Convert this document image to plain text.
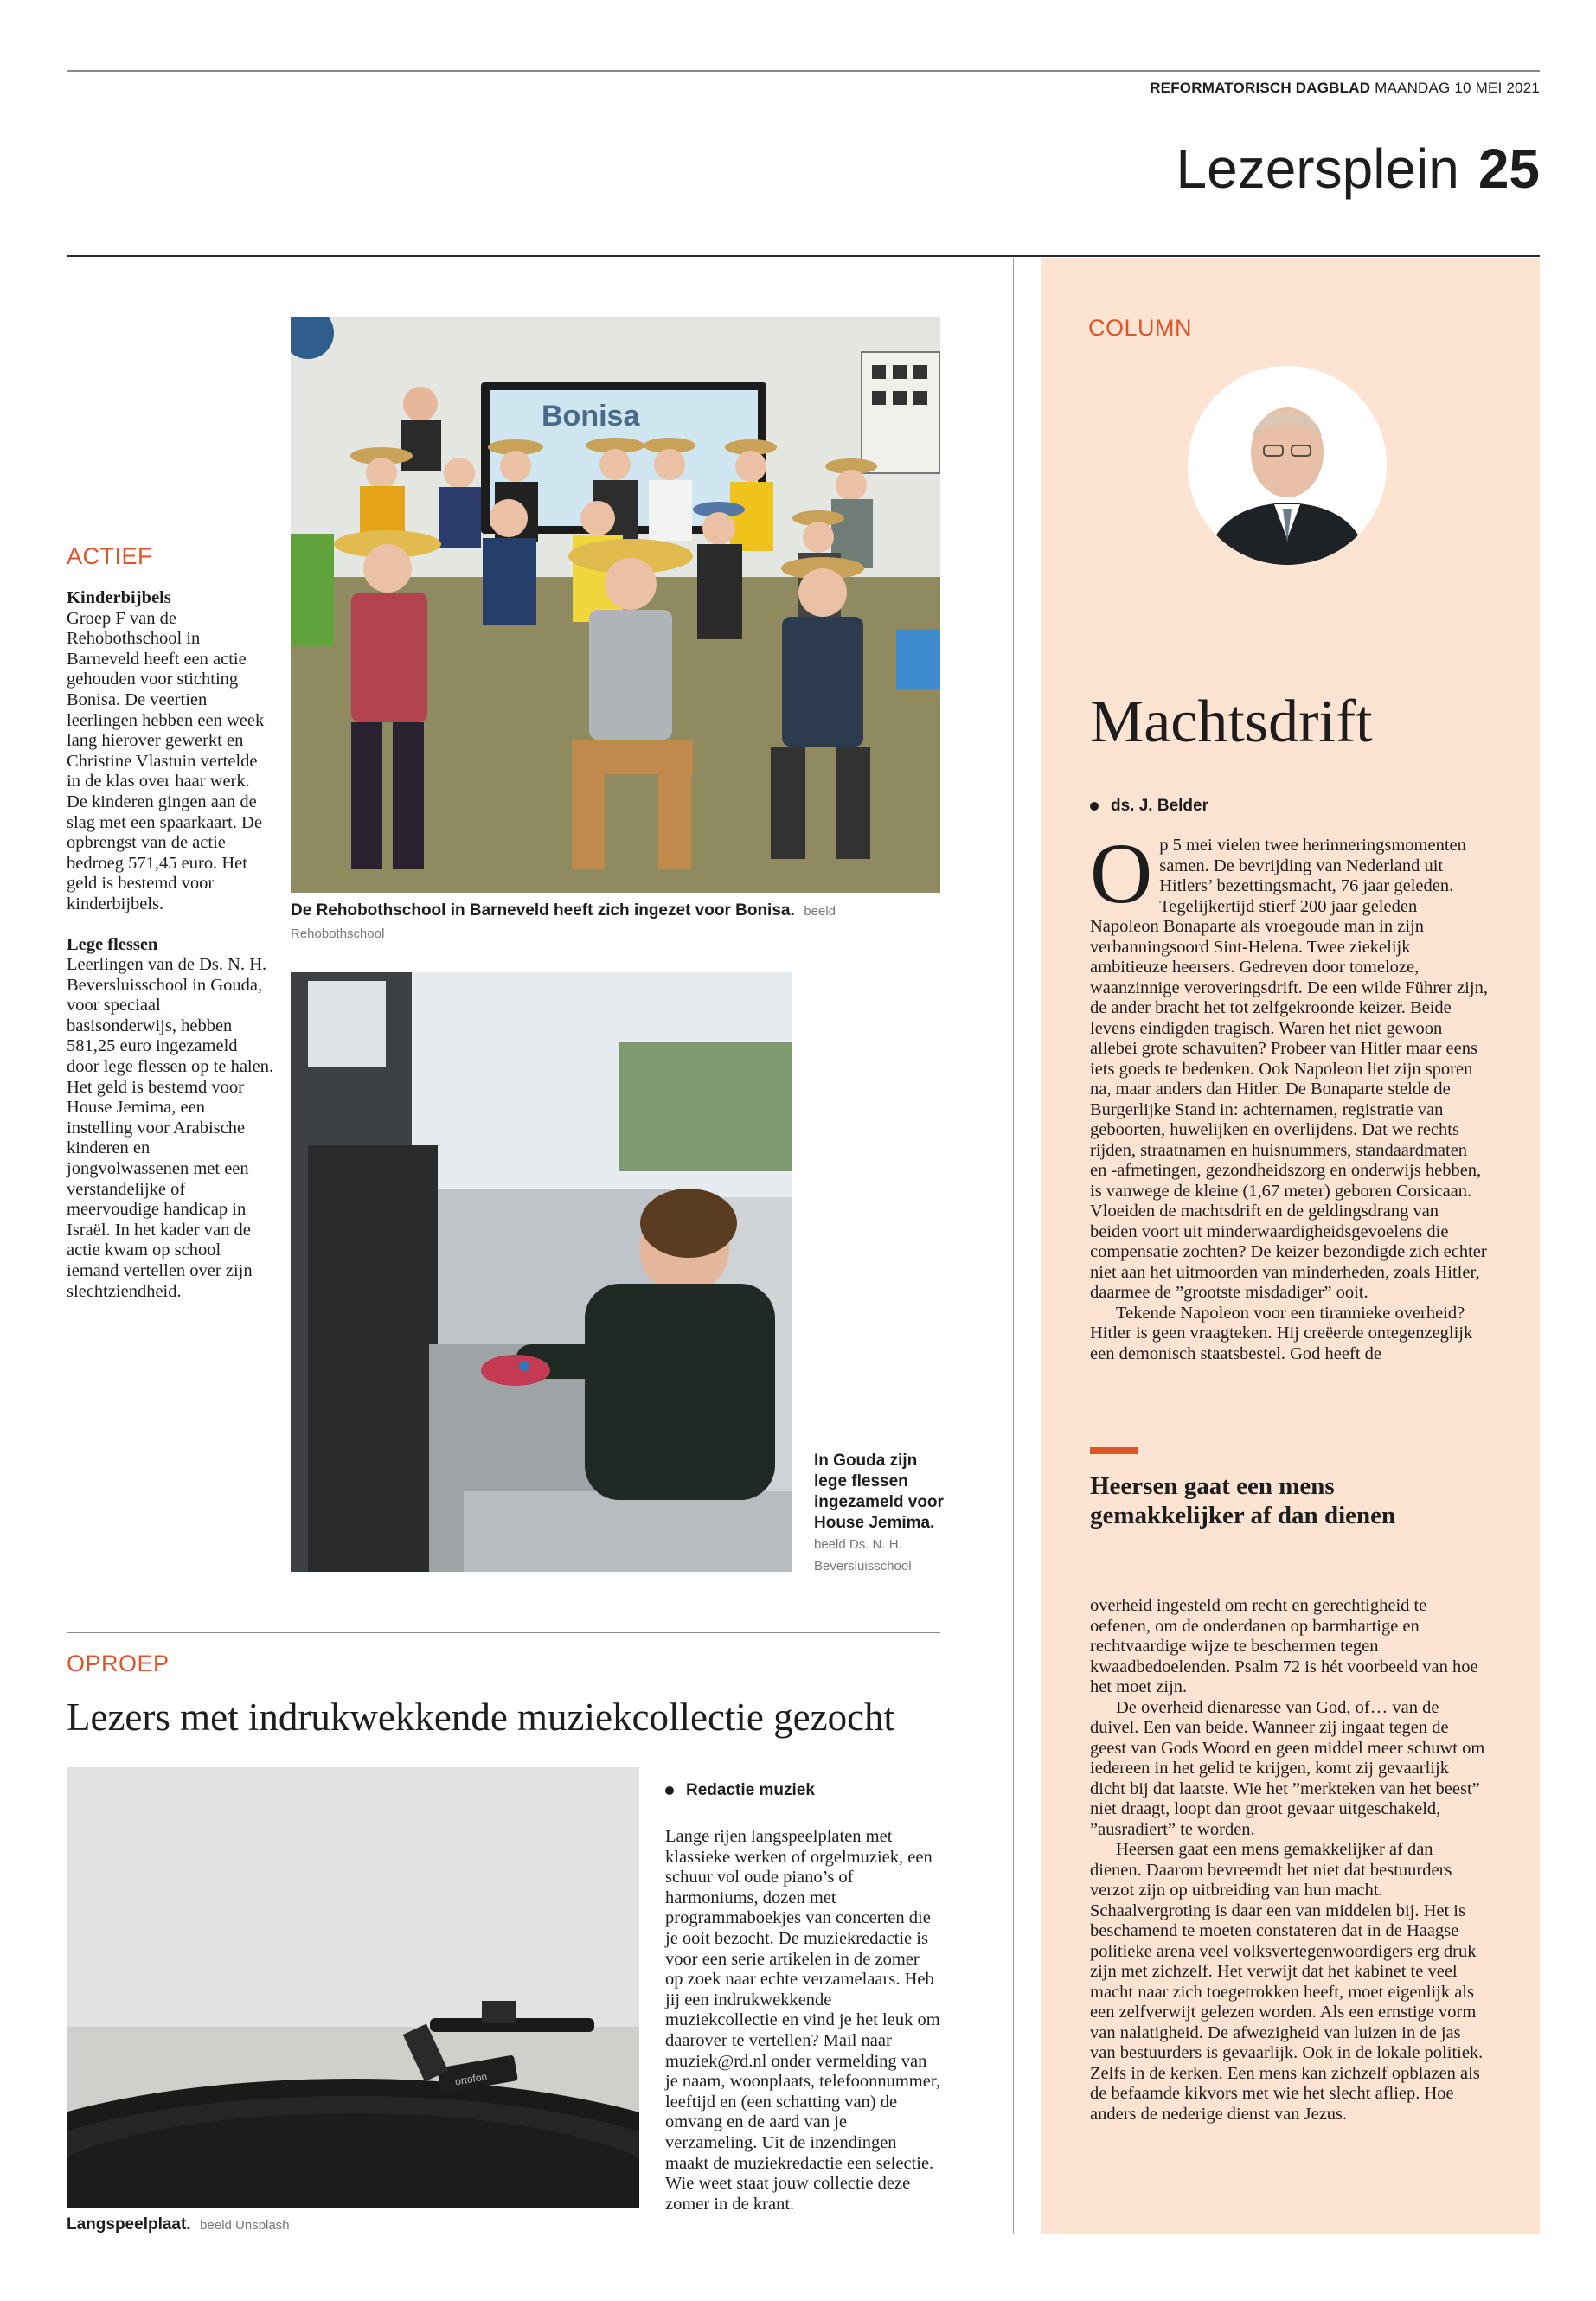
REFORMATORISCH DAGBLAD MAANDAG 10 MEI 2021
Lezersplein 25
ACTIEF
Kinderbijbels

Groep F van de Rehobothschool in Barneveld heeft een actie gehouden voor stichting Bonisa. De veertien leerlingen hebben een week lang hierover gewerkt en Christine Vlastuin vertelde in de klas over haar werk. De kinderen gingen aan de slag met een spaarkaart. De opbrengst van de actie bedroeg 571,45 euro. Het geld is bestemd voor kinderbijbels.

Lege flessen

Leerlingen van de Ds. N. H. Beversluisschool in Gouda, voor speciaal basisonderwijs, hebben 581,25 euro ingezameld door lege flessen op te halen. Het geld is bestemd voor House Jemima, een instelling voor Arabische kinderen en jongvolwassenen met een verstandelijke of meervoudige handicap in Israël. In het kader van de actie kwam op school iemand vertellen over zijn slechtziendheid.

Bonisa
De Rehobothschool in Barneveld heeft zich ingezet voor Bonisa. beeld Rehobothschool
In Gouda zijn lege flessen ingezameld voor House Jemima. beeld Ds. N. H. Beversluisschool
OPROEP
Lezers met indrukwekkende muziekcollectie gezocht
ortofon
Langspeelplaat. beeld Unsplash
Redactie muziek

Lange rijen langspeelplaten met klassieke werken of orgelmuziek, een schuur vol oude piano’s of harmoniums, dozen met programmaboekjes van concerten die je ooit bezocht. De muziekredactie is voor een serie artikelen in de zomer op zoek naar echte verzamelaars. Heb jij een indrukwekkende muziekcollectie en vind je het leuk om daarover te vertellen? Mail naar muziek@rd.nl onder vermelding van je naam, woonplaats, telefoonnummer, leeftijd en (een schatting van) de omvang en de aard van je verzameling. Uit de inzendingen maakt de muziekredactie een selectie. Wie weet staat jouw collectie deze zomer in de krant.

COLUMN
Machtsdrift
ds. J. Belder

Op 5 mei vielen twee herinneringsmomenten samen. De bevrijding van Nederland uit Hitlers’ bezettingsmacht, 76 jaar geleden. Tegelijkertijd stierf 200 jaar geleden Napoleon Bonaparte als vroegoude man in zijn verbanningsoord Sint-Helena. Twee ziekelijk ambitieuze heersers. Gedreven door tomeloze, waanzinnige veroveringsdrift. De een wilde Führer zijn, de ander bracht het tot zelfgekroonde keizer. Beide levens eindigden tragisch. Waren het niet gewoon allebei grote schavuiten? Probeer van Hitler maar eens iets goeds te bedenken. Ook Napoleon liet zijn sporen na, maar anders dan Hitler. De Bonaparte stelde de Burgerlijke Stand in: achternamen, registratie van geboorten, huwelijken en overlijdens. Dat we rechts rijden, straatnamen en huisnummers, standaardmaten en -afmetingen, gezondheidszorg en onderwijs hebben, is vanwege de kleine (1,67 meter) geboren Corsicaan. Vloeiden de machtsdrift en de geldingsdrang van beiden voort uit minderwaardigheidsgevoelens die compensatie zochten? De keizer bezondigde zich echter niet aan het uitmoorden van minderheden, zoals Hitler, daarmee de ”grootste misdadiger” ooit.

Tekende Napoleon voor een tirannieke overheid? Hitler is geen vraagteken. Hij creëerde ontegenzeglijk een demonisch staatsbestel. God heeft de

Heersen gaat een mens gemakkelijker af dan dienen

overheid ingesteld om recht en gerechtigheid te oefenen, om de onderdanen op barmhartige en rechtvaardige wijze te beschermen tegen kwaadbedoelenden. Psalm 72 is hét voorbeeld van hoe het moet zijn.

De overheid dienaresse van God, of… van de duivel. Een van beide. Wanneer zij ingaat tegen de geest van Gods Woord en geen middel meer schuwt om iedereen in het gelid te krijgen, komt zij gevaarlijk dicht bij dat laatste. Wie het ”merkteken van het beest” niet draagt, loopt dan groot gevaar uitgeschakeld, ”ausradiert” te worden.

Heersen gaat een mens gemakkelijker af dan dienen. Daarom bevreemdt het niet dat bestuurders verzot zijn op uitbreiding van hun macht. Schaalvergroting is daar een van middelen bij. Het is beschamend te moeten constateren dat in de Haagse politieke arena veel volksvertegenwoordigers erg druk zijn met zichzelf. Het verwijt dat het kabinet te veel macht naar zich toegetrokken heeft, moet eigenlijk als een zelfverwijt gelezen worden. Als een ernstige vorm van nalatigheid. De afwezigheid van luizen in de jas van bestuurders is gevaarlijk. Ook in de lokale politiek. Zelfs in de kerken. Een mens kan zichzelf opblazen als de befaamde kikvors met wie het slecht afliep. Hoe anders de nederige dienst van Jezus.
